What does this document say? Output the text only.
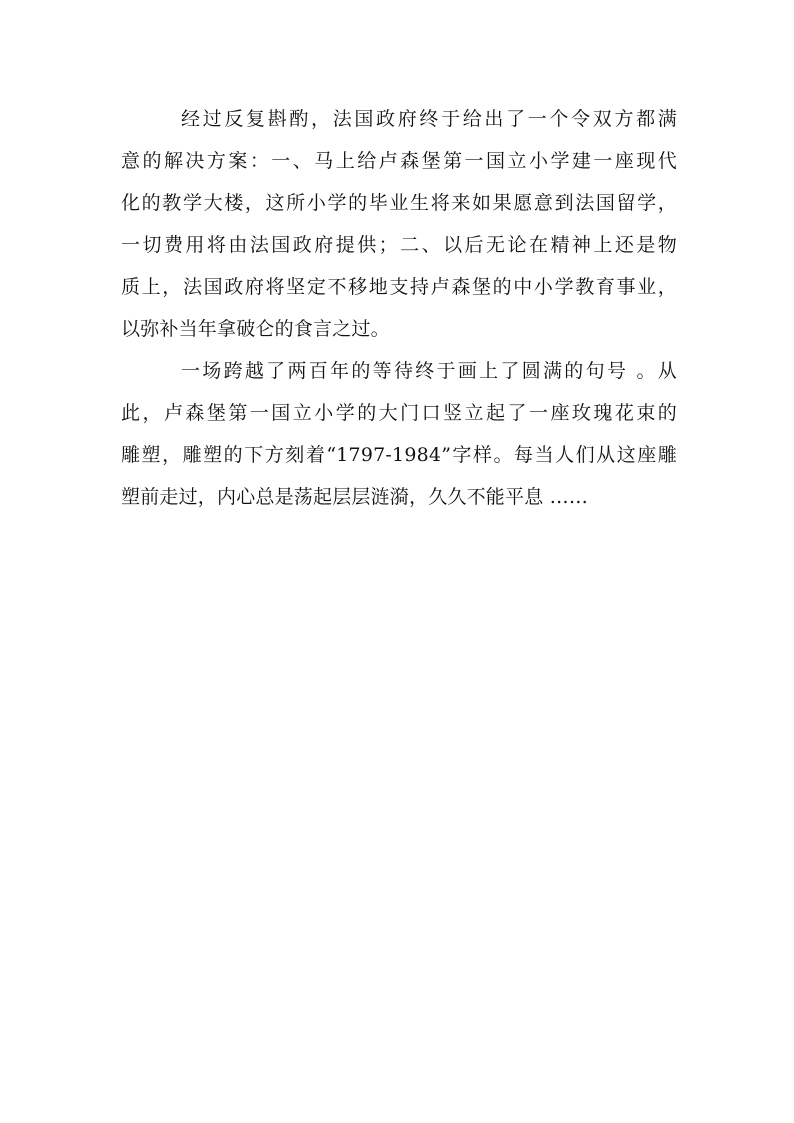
经过反复斟酌，法国政府终于给出了一个令双方都满
意的解决方案：一、马上给卢森堡第一国立小学建一座现代
化的教学大楼，这所小学的毕业生将来如果愿意到法国留学，
一切费用将由法国政府提供；二、以后无论在精神上还是物
质上，法国政府将坚定不移地支持卢森堡的中小学教育事业，
以弥补当年拿破仑的食言之过。
一场跨越了两百年的等待终于画上了圆满的句号 。从
此，卢森堡第一国立小学的大门口竖立起了一座玫瑰花束的
雕塑，雕塑的下方刻着“1797-1984”字样。每当人们从这座雕
塑前走过，内心总是荡起层层涟漪，久久不能平息 ……
